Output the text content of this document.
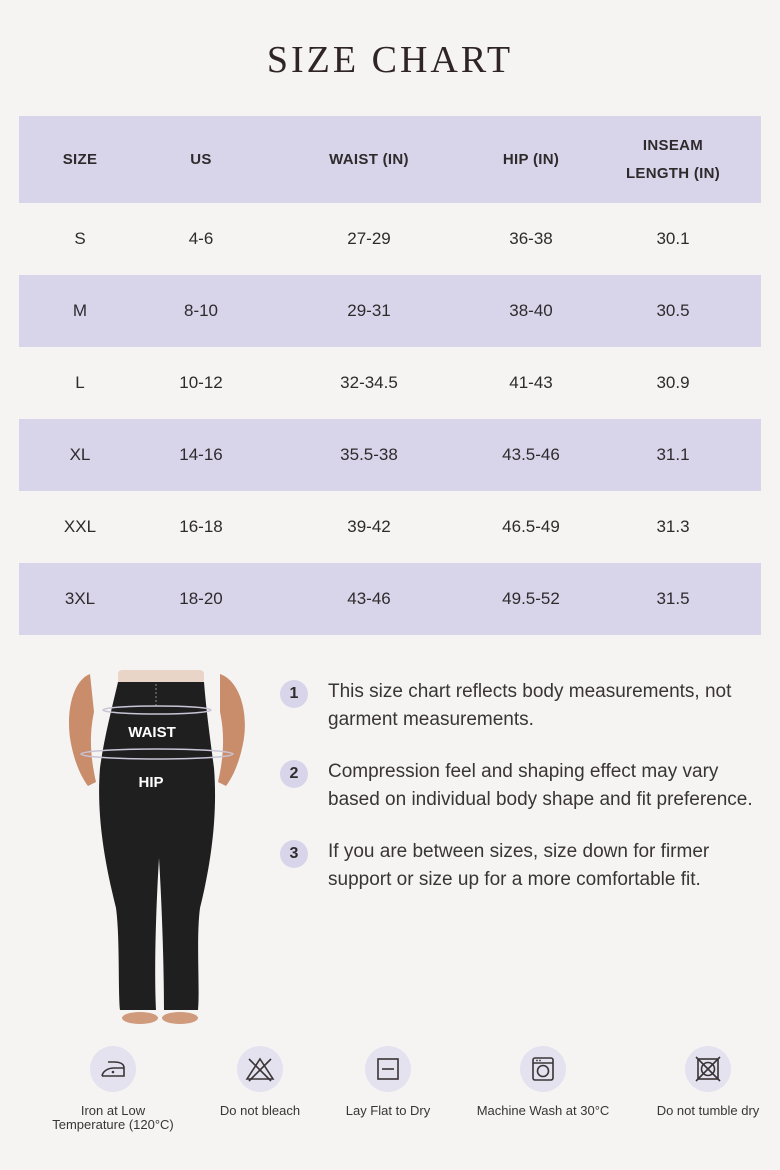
SIZE CHART
SIZE	US	WAIST (IN)	HIP (IN)	INSEAM
LENGTH (IN)
S	4-6	27-29	36-38	30.1
M	8-10	29-31	38-40	30.5
L	10-12	32-34.5	41-43	30.9
XL	14-16	35.5-38	43.5-46	31.1
XXL	16-18	39-42	46.5-49	31.3
3XL	18-20	43-46	49.5-52	31.5
WAIST
HIP
1	This size chart reflects body measurements, not garment measurements.
2	Compression feel and shaping effect may vary based on individual body shape and fit preference.
3	If you are between sizes, size down for firmer support or size up for a more comfortable fit.
Iron at Low
Temperature (120°C)
Do not bleach	Lay Flat to Dry	Machine Wash at 30°C	Do not tumble dry
